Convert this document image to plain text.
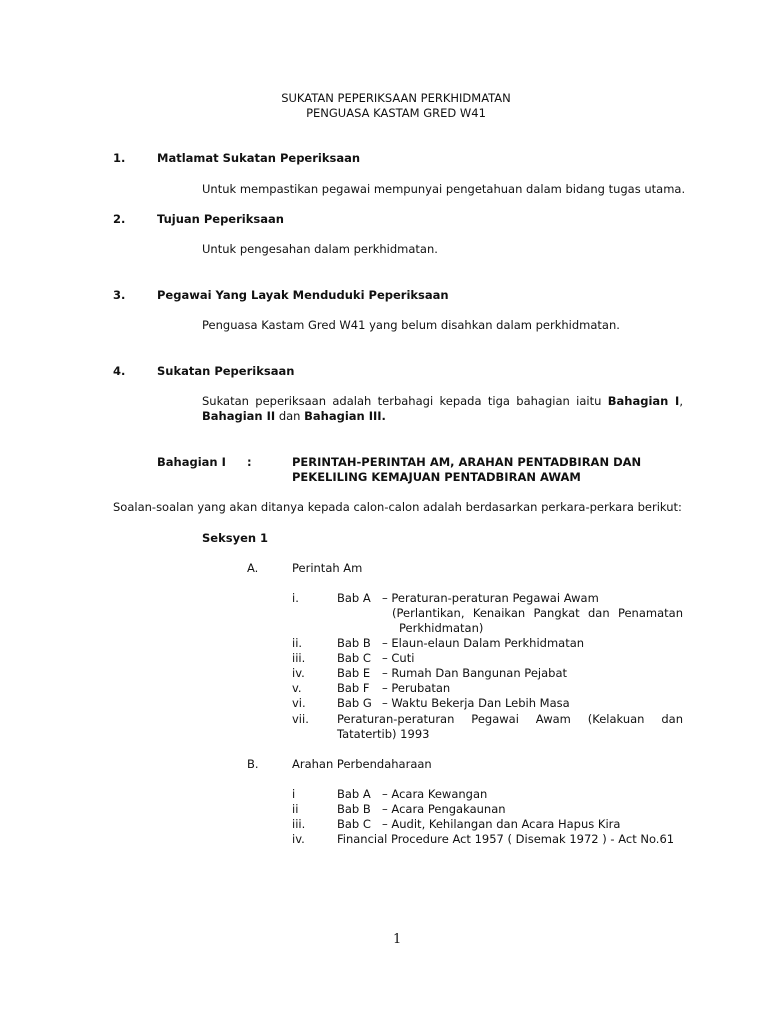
SUKATAN PEPERIKSAAN PERKHIDMATAN
PENGUASA KASTAM GRED W41
1.	Matlamat Sukatan Peperiksaan
Untuk mempastikan pegawai mempunyai pengetahuan dalam bidang tugas utama.
2.	Tujuan Peperiksaan
Untuk pengesahan dalam perkhidmatan.
3.	Pegawai Yang Layak Menduduki Peperiksaan
Penguasa Kastam Gred W41 yang belum disahkan dalam perkhidmatan.
4.	Sukatan Peperiksaan
Sukatan peperiksaan adalah terbahagi kepada tiga bahagian iaitu Bahagian I,
Bahagian II dan Bahagian III.
Bahagian I :	PERINTAH-PERINTAH AM, ARAHAN PENTADBIRAN DAN
PEKELILING KEMAJUAN PENTADBIRAN AWAM
Soalan-soalan yang akan ditanya kepada calon-calon adalah berdasarkan perkara-perkara berikut:
Seksyen 1
A.	Perintah Am
i.	Bab A – Peraturan-peraturan Pegawai Awam
(Perlantikan, Kenaikan Pangkat dan Penamatan
Perkhidmatan)
ii.	Bab B – Elaun-elaun Dalam Perkhidmatan
iii.	Bab C – Cuti
iv.	Bab E – Rumah Dan Bangunan Pejabat
v.	Bab F – Perubatan
vi.	Bab G – Waktu Bekerja Dan Lebih Masa
vii. Peraturan-peraturan Pegawai Awam (Kelakuan dan
Tatatertib) 1993
B.	Arahan Perbendaharaan
i	Bab A – Acara Kewangan
ii	Bab B – Acara Pengakaunan
iii.	Bab C – Audit, Kehilangan dan Acara Hapus Kira
iv.	Financial Procedure Act 1957 ( Disemak 1972 ) - Act No.61
1
